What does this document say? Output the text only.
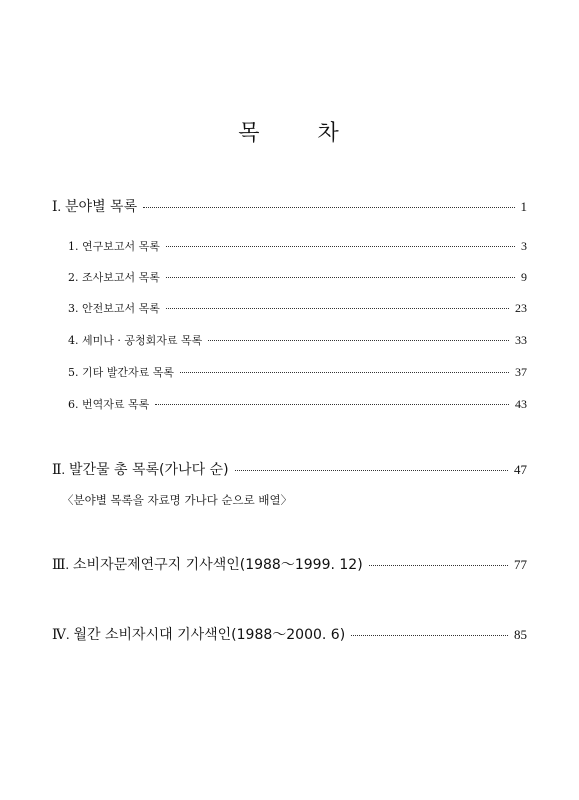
목	차
Ⅰ. 분야별 목록	1
1. 연구보고서 목록	3
2. 조사보고서 목록	9
3. 안전보고서 목록	23
4. 세미나 · 공청회자료 목록	33
5. 기타 발간자료 목록	37
6. 번역자료 목록	43
Ⅱ. 발간물 총 목록(가나다 순)	47
〈분야별 목록을 자료명 가나다 순으로 배열〉
Ⅲ. 소비자문제연구지 기사색인(1988～1999. 12)	77
Ⅳ. 월간 소비자시대 기사색인(1988～2000. 6)	85
